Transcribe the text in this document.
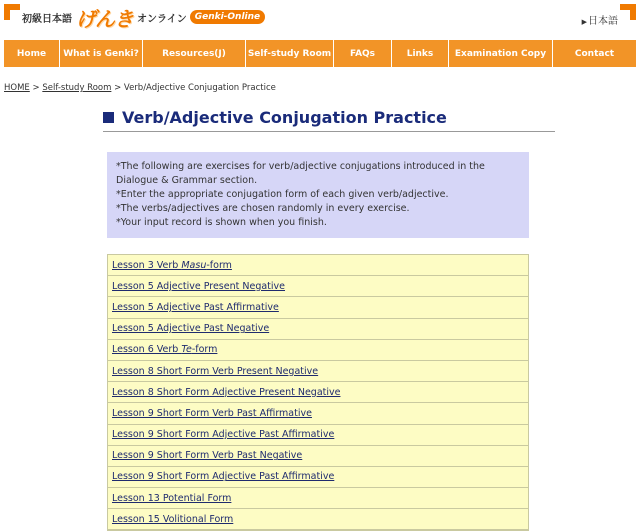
初級日本語 げんき オンライン Genki-Online	▶日本語
Home	What is Genki?	Resources(J)	Self-study Room	FAQs	Links	Examination Copy	Contact
HOME > Self-study Room > Verb/Adjective Conjugation Practice
Verb/Adjective Conjugation Practice
*The following are exercises for verb/adjective conjugations introduced in the Dialogue & Grammar section.
*Enter the appropriate conjugation form of each given verb/adjective.
*The verbs/adjectives are chosen randomly in every exercise.
*Your input record is shown when you finish.
Lesson 3 Verb Masu-form
Lesson 5 Adjective Present Negative
Lesson 5 Adjective Past Affirmative
Lesson 5 Adjective Past Negative
Lesson 6 Verb Te-form
Lesson 8 Short Form Verb Present Negative
Lesson 8 Short Form Adjective Present Negative
Lesson 9 Short Form Verb Past Affirmative
Lesson 9 Short Form Adjective Past Affirmative
Lesson 9 Short Form Verb Past Negative
Lesson 9 Short Form Adjective Past Affirmative
Lesson 13 Potential Form
Lesson 15 Volitional Form
